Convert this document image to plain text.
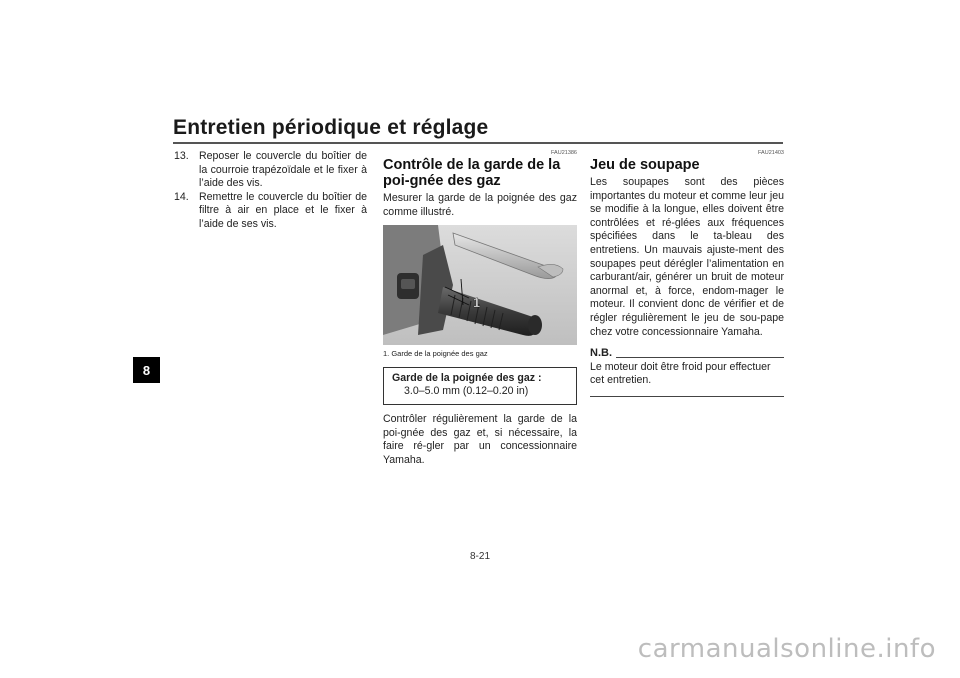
Entretien périodique et réglage
8
13. Reposer le couvercle du boîtier de la courroie trapézoïdale et le fixer à l’aide des vis.
14. Remettre le couvercle du boîtier de filtre à air en place et le fixer à l’aide de ses vis.
FAU21386
Contrôle de la garde de la poi-gnée des gaz

Mesurer la garde de la poignée des gaz comme illustré.

1
1. Garde de la poignée des gaz
Garde de la poignée des gaz :
3.0–5.0 mm (0.12–0.20 in)

Contrôler régulièrement la garde de la poi-gnée des gaz et, si nécessaire, la faire ré-gler par un concessionnaire Yamaha.

FAU21403
Jeu de soupape

Les soupapes sont des pièces importantes du moteur et comme leur jeu se modifie à la longue, elles doivent être contrôlées et ré-glées aux fréquences spécifiées dans le ta-bleau des entretiens. Un mauvais ajuste-ment des soupapes peut dérégler l’alimentation en carburant/air, générer un bruit de moteur anormal et, à force, endom-mager le moteur. Il convient donc de vérifier et de régler régulièrement le jeu de sou-pape chez votre concessionnaire Yamaha.

N.B.

Le moteur doit être froid pour effectuer cet entretien.

8-21
carmanualsonline.info
